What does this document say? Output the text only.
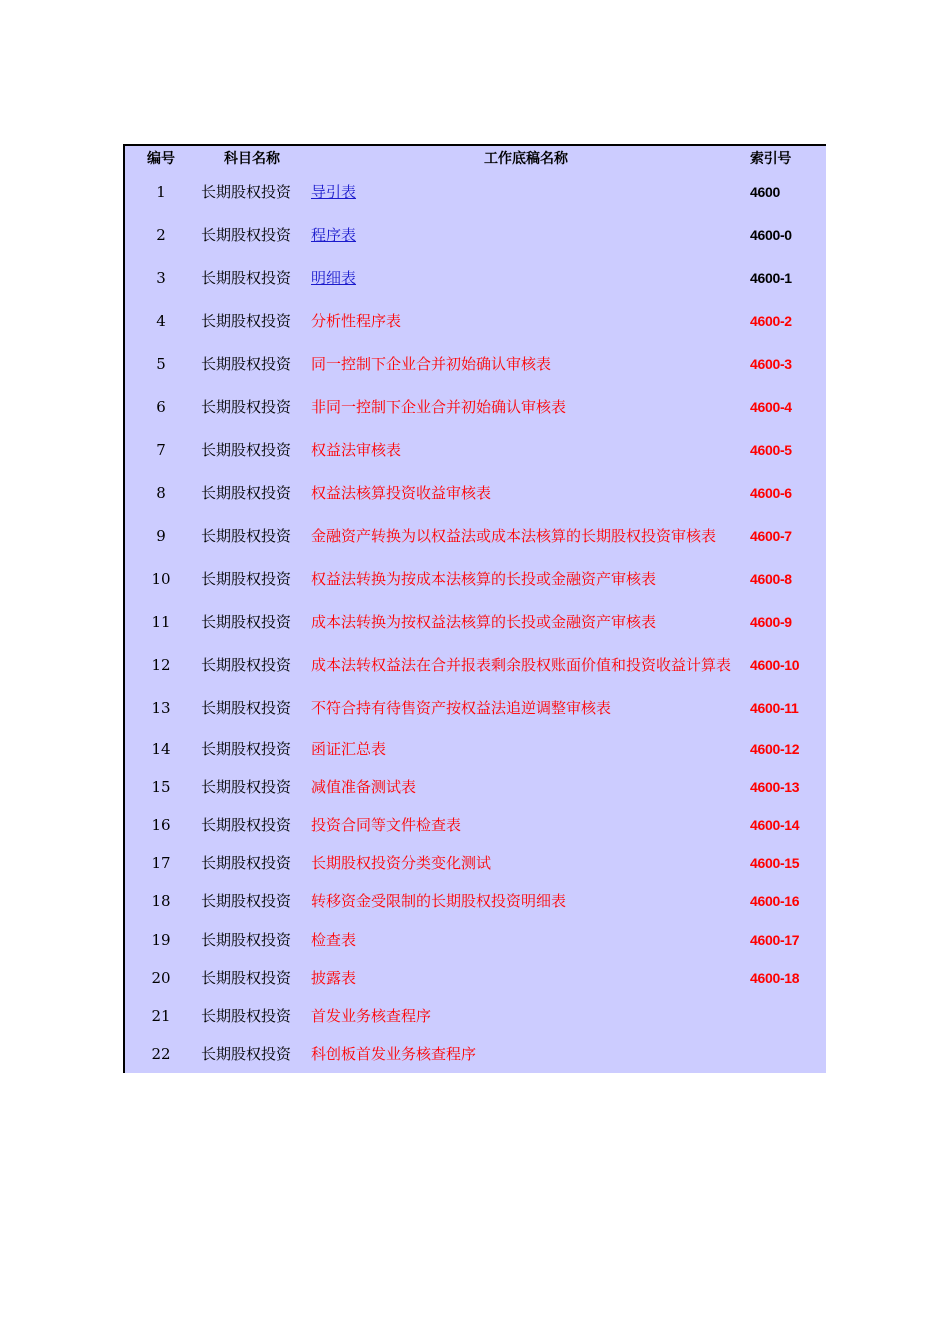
编号	科目名称	工作底稿名称	索引号
1	长期股权投资	导引表	4600
2	长期股权投资	程序表	4600-0
3	长期股权投资	明细表	4600-1
4	长期股权投资	分析性程序表	4600-2
5	长期股权投资	同一控制下企业合并初始确认审核表	4600-3
6	长期股权投资	非同一控制下企业合并初始确认审核表	4600-4
7	长期股权投资	权益法审核表	4600-5
8	长期股权投资	权益法核算投资收益审核表	4600-6
9	长期股权投资	金融资产转换为以权益法或成本法核算的长期股权投资审核表	4600-7
10	长期股权投资	权益法转换为按成本法核算的长投或金融资产审核表	4600-8
11	长期股权投资	成本法转换为按权益法核算的长投或金融资产审核表	4600-9
12	长期股权投资	成本法转权益法在合并报表剩余股权账面价值和投资收益计算表	4600-10
13	长期股权投资	不符合持有待售资产按权益法追逆调整审核表	4600-11
14	长期股权投资	函证汇总表	4600-12
15	长期股权投资	减值准备测试表	4600-13
16	长期股权投资	投资合同等文件检查表	4600-14
17	长期股权投资	长期股权投资分类变化测试	4600-15
18	长期股权投资	转移资金受限制的长期股权投资明细表	4600-16
19	长期股权投资	检查表	4600-17
20	长期股权投资	披露表	4600-18
21	长期股权投资	首发业务核查程序
22	长期股权投资	科创板首发业务核查程序
